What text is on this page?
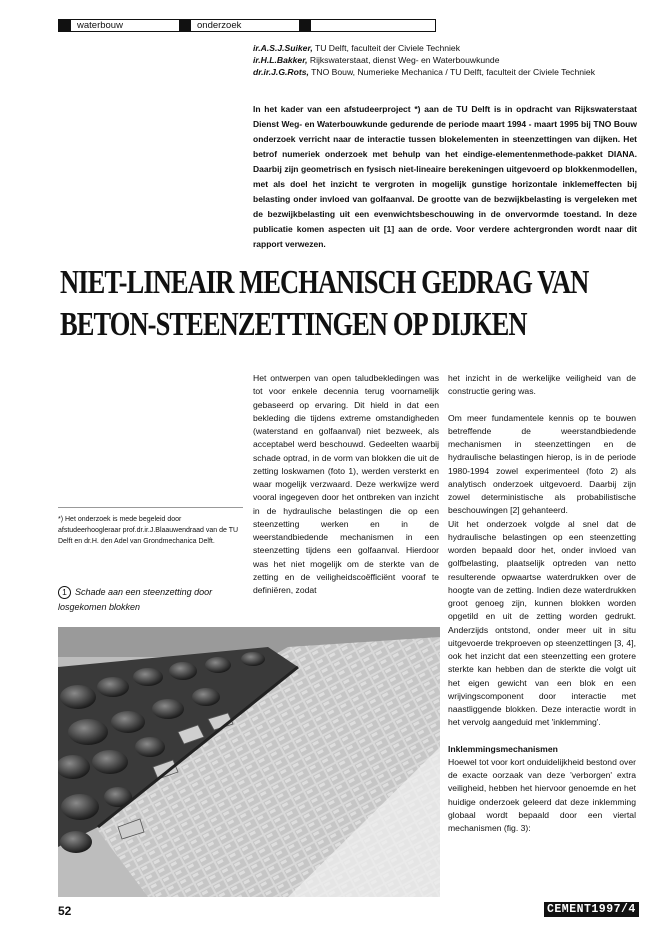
waterbouw	onderzoek
ir.A.S.J.Suiker, TU Delft, faculteit der Civiele Techniek
ir.H.L.Bakker, Rijkswaterstaat, dienst Weg- en Waterbouwkunde
dr.ir.J.G.Rots, TNO Bouw, Numerieke Mechanica / TU Delft, faculteit der Civiele Techniek
In het kader van een afstudeerproject *) aan de TU Delft is in opdracht van Rijkswaterstaat Dienst Weg- en Waterbouwkunde gedurende de periode maart 1994 - maart 1995 bij TNO Bouw onderzoek verricht naar de interactie tussen blokelementen in steenzettingen van dijken. Het betrof numeriek onderzoek met behulp van het eindige-elementenmethode-pakket DIANA. Daarbij zijn geometrisch en fysisch niet-lineaire berekeningen uitgevoerd op blokkenmodellen, met als doel het inzicht te vergroten in mogelijk gunstige horizontale inklemeffecten bij belasting onder invloed van golfaanval. De grootte van de bezwijkbelasting is vergeleken met de bezwijkbelasting uit een evenwichtsbeschouwing in de onvervormde toestand. In deze publicatie komen aspecten uit [1] aan de orde. Voor verdere achtergronden wordt naar dit rapport verwezen.
NIET-LINEAIR MECHANISCH GEDRAG VAN
BETON-STEENZETTINGEN OP DIJKEN
*) Het onderzoek is mede begeleid door afstudeerhoogleraar prof.dr.ir.J.Blaauwendraad van de TU Delft en dr.H. den Adel van Grondmechanica Delft.
1 Schade aan een steenzetting door losgekomen blokken

Het ontwerpen van open taludbekledingen was tot voor enkele decennia terug voornamelijk gebaseerd op ervaring. Dit hield in dat een bekleding die tijdens extreme omstandigheden (waterstand en golfaanval) niet bezweek, als acceptabel werd beschouwd. Gedeelten waarbij schade optrad, in de vorm van blokken die uit de zetting loskwamen (foto 1), werden versterkt en waar mogelijk verzwaard. Deze werkwijze werd vooral ingegeven door het ontbreken van inzicht in de hydraulische belastingen die op een steenzetting werken en in de weerstandbiedende mechanismen in een steenzetting tijdens een golfaanval. Hierdoor was het niet mogelijk om de sterkte van de zetting en de veiligheidscoëfficiënt vooraf te definiëren, zodat

het inzicht in de werkelijke veiligheid van de constructie gering was.

Om meer fundamentele kennis op te bouwen betreffende de weerstandbiedende mechanismen in steenzettingen en de hydraulische belastingen hierop, is in de periode 1980-1994 zowel experimenteel (foto 2) als analytisch onderzoek uitgevoerd. Daarbij zijn zowel deterministische als probabilistische beschouwingen [2] gehanteerd.

Uit het onderzoek volgde al snel dat de hydraulische belastingen op een steenzetting worden bepaald door het, onder invloed van golfbelasting, plaatselijk optreden van netto resulterende opwaartse waterdrukken over de hoogte van de zetting. Indien deze waterdrukken groot genoeg zijn, kunnen blokken worden opgetild en uit de zetting worden gedrukt. Anderzijds ontstond, onder meer uit in situ uitgevoerde trekproeven op steenzettingen [3, 4], ook het inzicht dat een steenzetting een grotere sterkte kan hebben dan de sterkte die volgt uit het eigen gewicht van een blok en een wrijvingscomponent door interactie met naastliggende blokken. Deze interactie wordt in het vervolg aangeduid met 'inklemming'.

Inklemmingsmechanismen

Hoewel tot voor kort onduidelijkheid bestond over de exacte oorzaak van deze 'verborgen' extra veiligheid, hebben het hiervoor genoemde en het huidige onderzoek geleerd dat deze inklemming globaal wordt bepaald door een viertal mechanismen (fig. 3):

52	CEMENT1997/4
